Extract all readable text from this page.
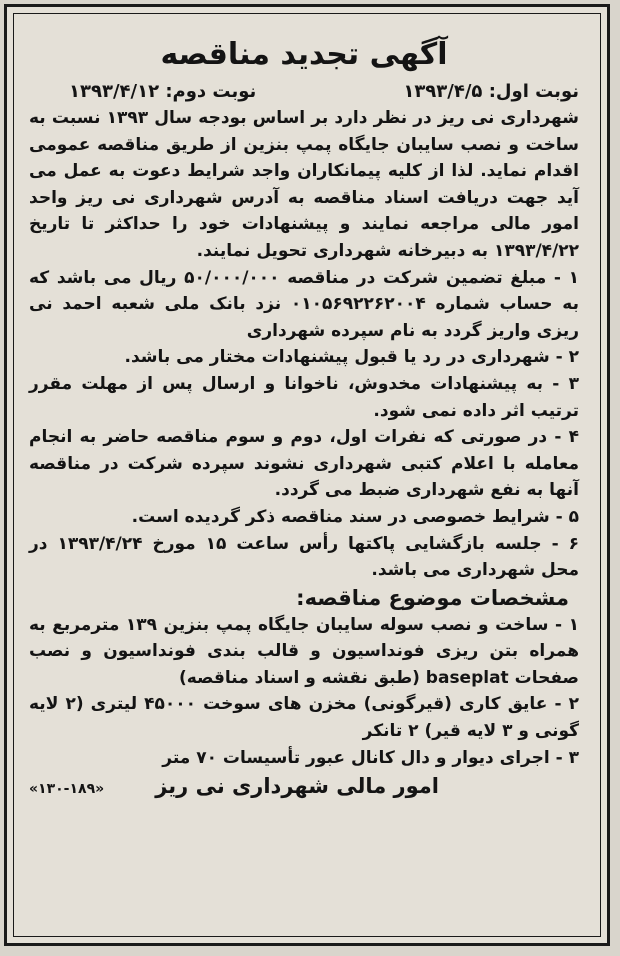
آگهی تجدید مناقصه
نوبت اول: ۱۳۹۳/۴/۵
نوبت دوم: ۱۳۹۳/۴/۱۲

شهرداری نی ریز در نظر دارد بر اساس بودجه سال ۱۳۹۳ نسبت به ساخت و نصب سایبان جایگاه پمپ بنزین از طریق مناقصه عمومی اقدام نماید. لذا از کلیه پیمانکاران واجد شرایط دعوت به عمل می آید جهت دریافت اسناد مناقصه به آدرس شهرداری نی ریز واحد امور مالی مراجعه نمایند و پیشنهادات خود را حداکثر تا تاریخ ۱۳۹۳/۴/۲۲ به دبیرخانه شهرداری تحویل نمایند.

۱ - مبلغ تضمین شرکت در مناقصه ۵۰/۰۰۰/۰۰۰ ریال می باشد که به حساب شماره ۰۱۰۵۶۹۲۲۶۲۰۰۴ نزد بانک ملی شعبه احمد نی ریزی واریز گردد به نام سپرده شهرداری

۲ - شهرداری در رد یا قبول پیشنهادات مختار می باشد.

۳ - به پیشنهادات مخدوش، ناخوانا و ارسال پس از مهلت مقرر ترتیب اثر داده نمی شود.

۴ - در صورتی که نفرات اول، دوم و سوم مناقصه حاضر به انجام معامله با اعلام کتبی شهرداری نشوند سپرده شرکت در مناقصه آنها به نفع شهرداری ضبط می گردد.

۵ - شرایط خصوصی در سند مناقصه ذکر گردیده است.

۶ - جلسه بازگشایی پاکتها رأس ساعت ۱۵ مورخ ۱۳۹۳/۴/۲۴ در محل شهرداری می باشد.

مشخصات موضوع مناقصه:

۱ - ساخت و نصب سوله سایبان جایگاه پمپ بنزین ۱۳۹ مترمربع به همراه بتن ریزی فونداسیون و قالب بندی فونداسیون و نصب صفحات baseplat (طبق نقشه و اسناد مناقصه)

۲ - عایق کاری (قیرگونی) مخزن های سوخت ۴۵۰۰۰ لیتری (۲ لایه گونی و ۳ لایه قیر) ۲ تانکر

۳ - اجرای دیوار و دال کانال عبور تأسیسات ۷۰ متر

امور مالی شهرداری نی ریز
«۱۳۰-۱۸۹»
